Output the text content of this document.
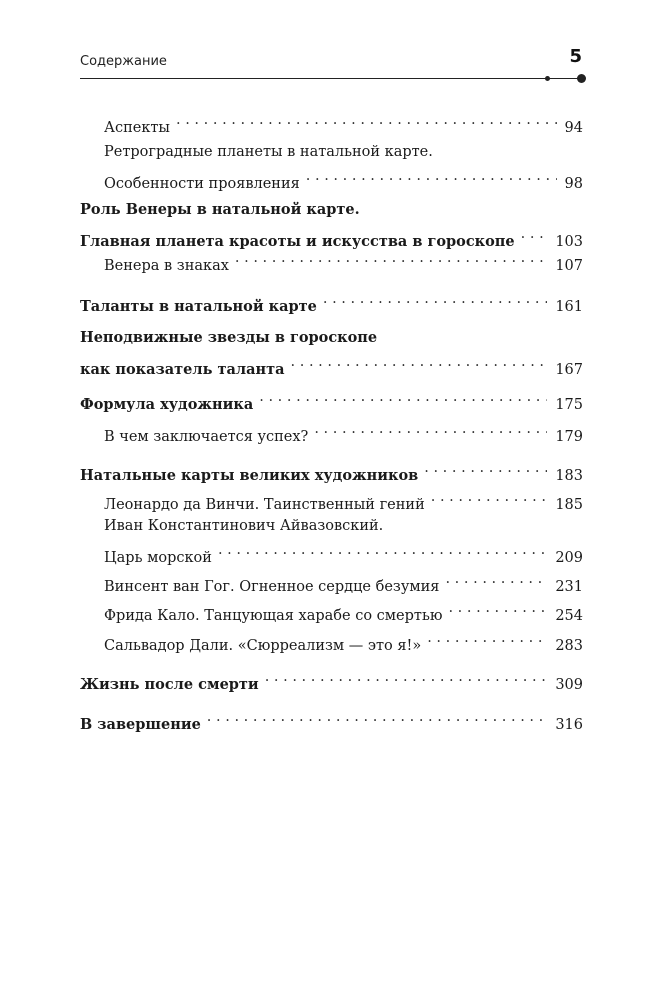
Содержание	5
Аспекты . . .	94
Ретроградные планеты в натальной карте.
Особенности проявления . . .	98
Роль Венеры в натальной карте.
Главная планета красоты и искусства в гороскопе . . .	103
Венера в знаках . . .	107
Таланты в натальной карте . . .	161
Неподвижные звезды в гороскопе
как показатель таланта . . .	167
Формула художника . . .	175
В чем заключается успех? . . .	179
Натальные карты великих художников . . .	183
Леонардо да Винчи. Таинственный гений . . .	185
Иван Константинович Айвазовский.
Царь морской . . .	209
Винсент ван Гог. Огненное сердце безумия . . .	231
Фрида Кало. Танцующая харабе со смертью . . .	254
Сальвадор Дали. «Сюрреализм — это я!» . . .	283
Жизнь после смерти . . .	309
В завершение . . .	316
